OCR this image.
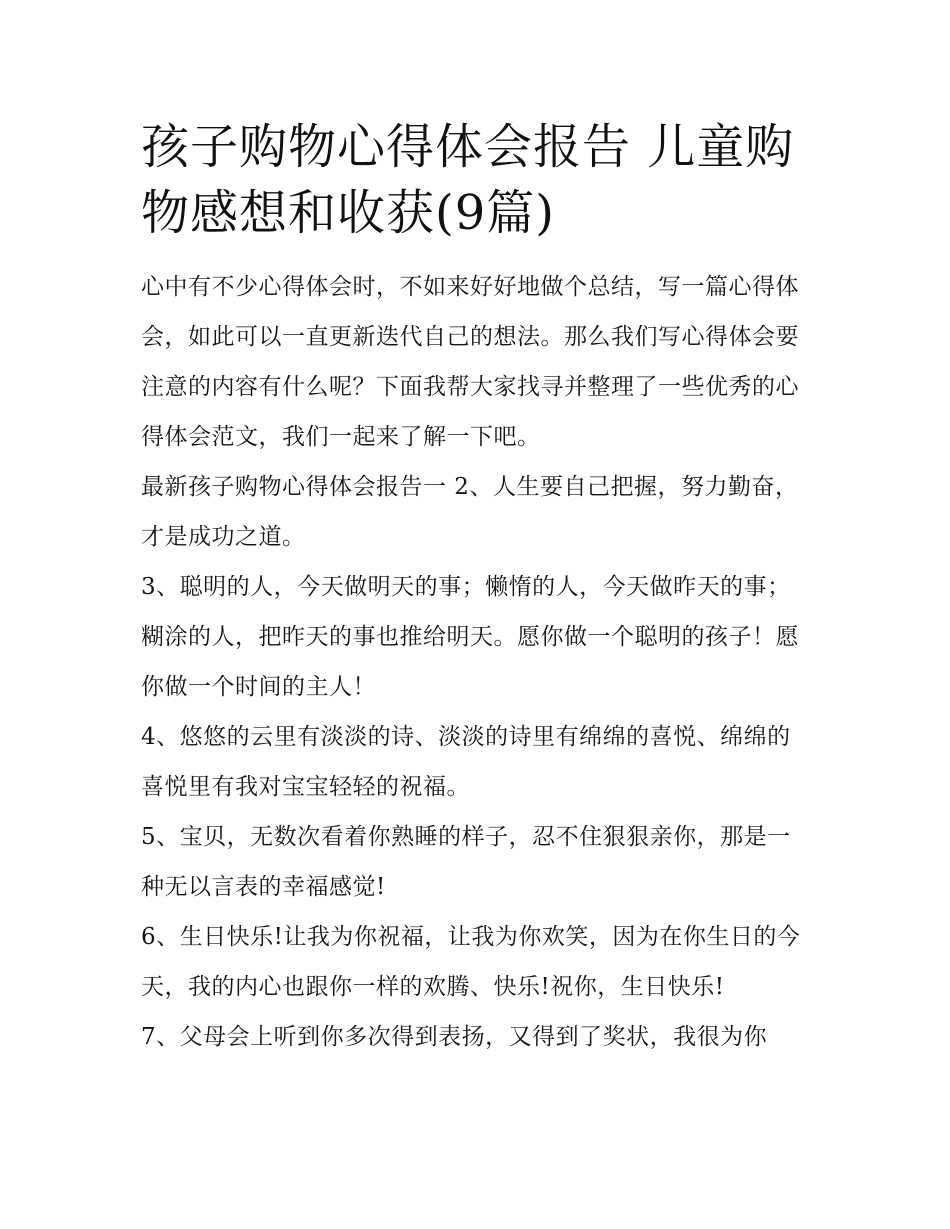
孩子购物心得体会报告 儿童购物感想和收获(9篇)

心中有不少心得体会时，不如来好好地做个总结，写一篇心得体会，如此可以一直更新迭代自己的想法。那么我们写心得体会要注意的内容有什么呢？下面我帮大家找寻并整理了一些优秀的心得体会范文，我们一起来了解一下吧。

最新孩子购物心得体会报告一 2、人生要自己把握，努力勤奋，才是成功之道。

3、聪明的人，今天做明天的事；懒惰的人，今天做昨天的事；糊涂的人，把昨天的事也推给明天。愿你做一个聪明的孩子！愿你做一个时间的主人！

4、悠悠的云里有淡淡的诗、淡淡的诗里有绵绵的喜悦、绵绵的喜悦里有我对宝宝轻轻的祝福。

5、宝贝，无数次看着你熟睡的样子，忍不住狠狠亲你，那是一种无以言表的幸福感觉!

6、生日快乐!让我为你祝福，让我为你欢笑，因为在你生日的今天，我的内心也跟你一样的欢腾、快乐!祝你，生日快乐!

7、父母会上听到你多次得到表扬，又得到了奖状，我很为你
